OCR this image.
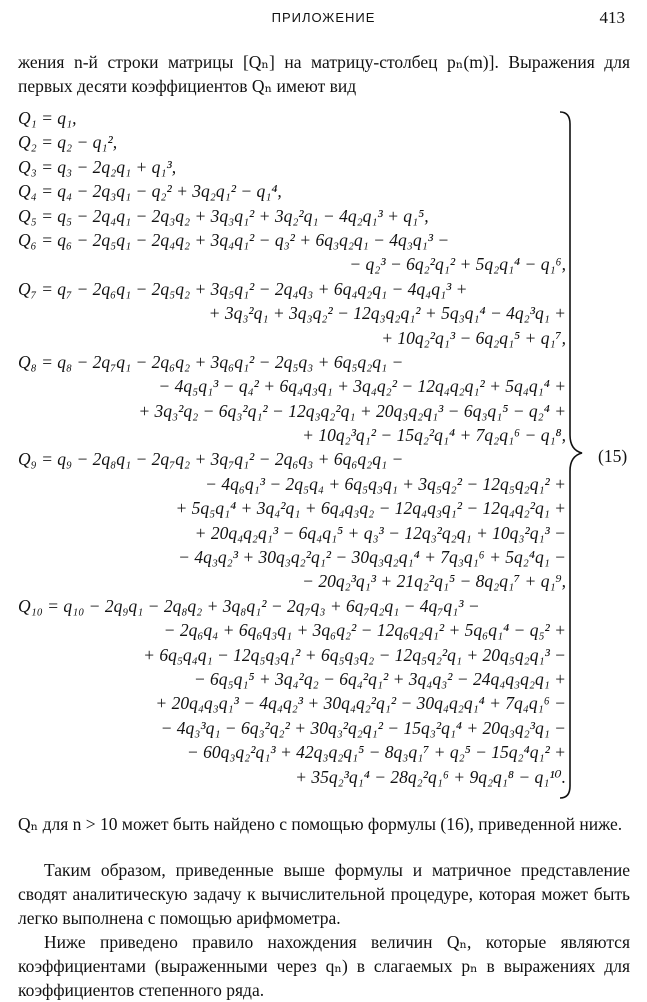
ПРИЛОЖЕНИЕ	413
жения n-й строки матрицы [Qₙ] на матрицу-столбец pₙ(m)]. Выражения для первых десяти коэффициентов Qₙ имеют вид
Q₁ = q₁,
Q₂ = q₂ − q₁²,
Q₃ = q₃ − 2q₂q₁ + q₁³,
Q₄ = q₄ − 2q₃q₁ − q₂² + 3q₂q₁² − q₁⁴,
Q₅ = q₅ − 2q₄q₁ − 2q₃q₂ + 3q₃q₁² + 3q₂²q₁ − 4q₂q₁³ + q₁⁵,
Q₆ = q₆ − 2q₅q₁ − 2q₄q₂ + 3q₄q₁² − q₃² + 6q₃q₂q₁ − 4q₃q₁³ −
− q₂³ − 6q₂²q₁² + 5q₂q₁⁴ − q₁⁶,
Q₇ = q₇ − 2q₆q₁ − 2q₅q₂ + 3q₅q₁² − 2q₄q₃ + 6q₄q₂q₁ − 4q₄q₁³ +
+ 3q₃²q₁ + 3q₃q₂² − 12q₃q₂q₁² + 5q₃q₁⁴ − 4q₂³q₁ +
+ 10q₂²q₁³ − 6q₂q₁⁵ + q₁⁷,
Q₈ = q₈ − 2q₇q₁ − 2q₆q₂ + 3q₆q₁² − 2q₅q₃ + 6q₅q₂q₁ −
− 4q₅q₁³ − q₄² + 6q₄q₃q₁ + 3q₄q₂² − 12q₄q₂q₁² + 5q₄q₁⁴ +
+ 3q₃²q₂ − 6q₃²q₁² − 12q₃q₂²q₁ + 20q₃q₂q₁³ − 6q₃q₁⁵ − q₂⁴ +
+ 10q₂³q₁² − 15q₂²q₁⁴ + 7q₂q₁⁶ − q₁⁸,
Q₉ = q₉ − 2q₈q₁ − 2q₇q₂ + 3q₇q₁² − 2q₆q₃ + 6q₆q₂q₁ −
− 4q₆q₁³ − 2q₅q₄ + 6q₅q₃q₁ + 3q₅q₂² − 12q₅q₂q₁² +
+ 5q₅q₁⁴ + 3q₄²q₁ + 6q₄q₃q₂ − 12q₄q₃q₁² − 12q₄q₂²q₁ +
+ 20q₄q₂q₁³ − 6q₄q₁⁵ + q₃³ − 12q₃²q₂q₁ + 10q₃²q₁³ −
− 4q₃q₂³ + 30q₃q₂²q₁² − 30q₃q₂q₁⁴ + 7q₃q₁⁶ + 5q₂⁴q₁ −
− 20q₂³q₁³ + 21q₂²q₁⁵ − 8q₂q₁⁷ + q₁⁹,
Q₁₀ = q₁₀ − 2q₉q₁ − 2q₈q₂ + 3q₈q₁² − 2q₇q₃ + 6q₇q₂q₁ − 4q₇q₁³ −
− 2q₆q₄ + 6q₆q₃q₁ + 3q₆q₂² − 12q₆q₂q₁² + 5q₆q₁⁴ − q₅² +
+ 6q₅q₄q₁ − 12q₅q₃q₁² + 6q₅q₃q₂ − 12q₅q₂²q₁ + 20q₅q₂q₁³ −
− 6q₅q₁⁵ + 3q₄²q₂ − 6q₄²q₁² + 3q₄q₃² − 24q₄q₃q₂q₁ +
+ 20q₄q₃q₁³ − 4q₄q₂³ + 30q₄q₂²q₁² − 30q₄q₂q₁⁴ + 7q₄q₁⁶ −
− 4q₃³q₁ − 6q₃²q₂² + 30q₃²q₂q₁² − 15q₃²q₁⁴ + 20q₃q₂³q₁ −
− 60q₃q₂²q₁³ + 42q₃q₂q₁⁵ − 8q₃q₁⁷ + q₂⁵ − 15q₂⁴q₁² +
+ 35q₂³q₁⁴ − 28q₂²q₁⁶ + 9q₂q₁⁸ − q₁¹⁰.
(15)
Qₙ для n > 10 может быть найдено с помощью формулы (16), приведенной ниже.
Таким образом, приведенные выше формулы и матричное представление сводят аналитическую задачу к вычислительной процедуре, которая может быть легко выполнена с помощью арифмометра.
Ниже приведено правило нахождения величин Qₙ, которые являются коэффициентами (выраженными через qₙ) в слагаемых pₙ в выражениях для коэффициентов степенного ряда.
